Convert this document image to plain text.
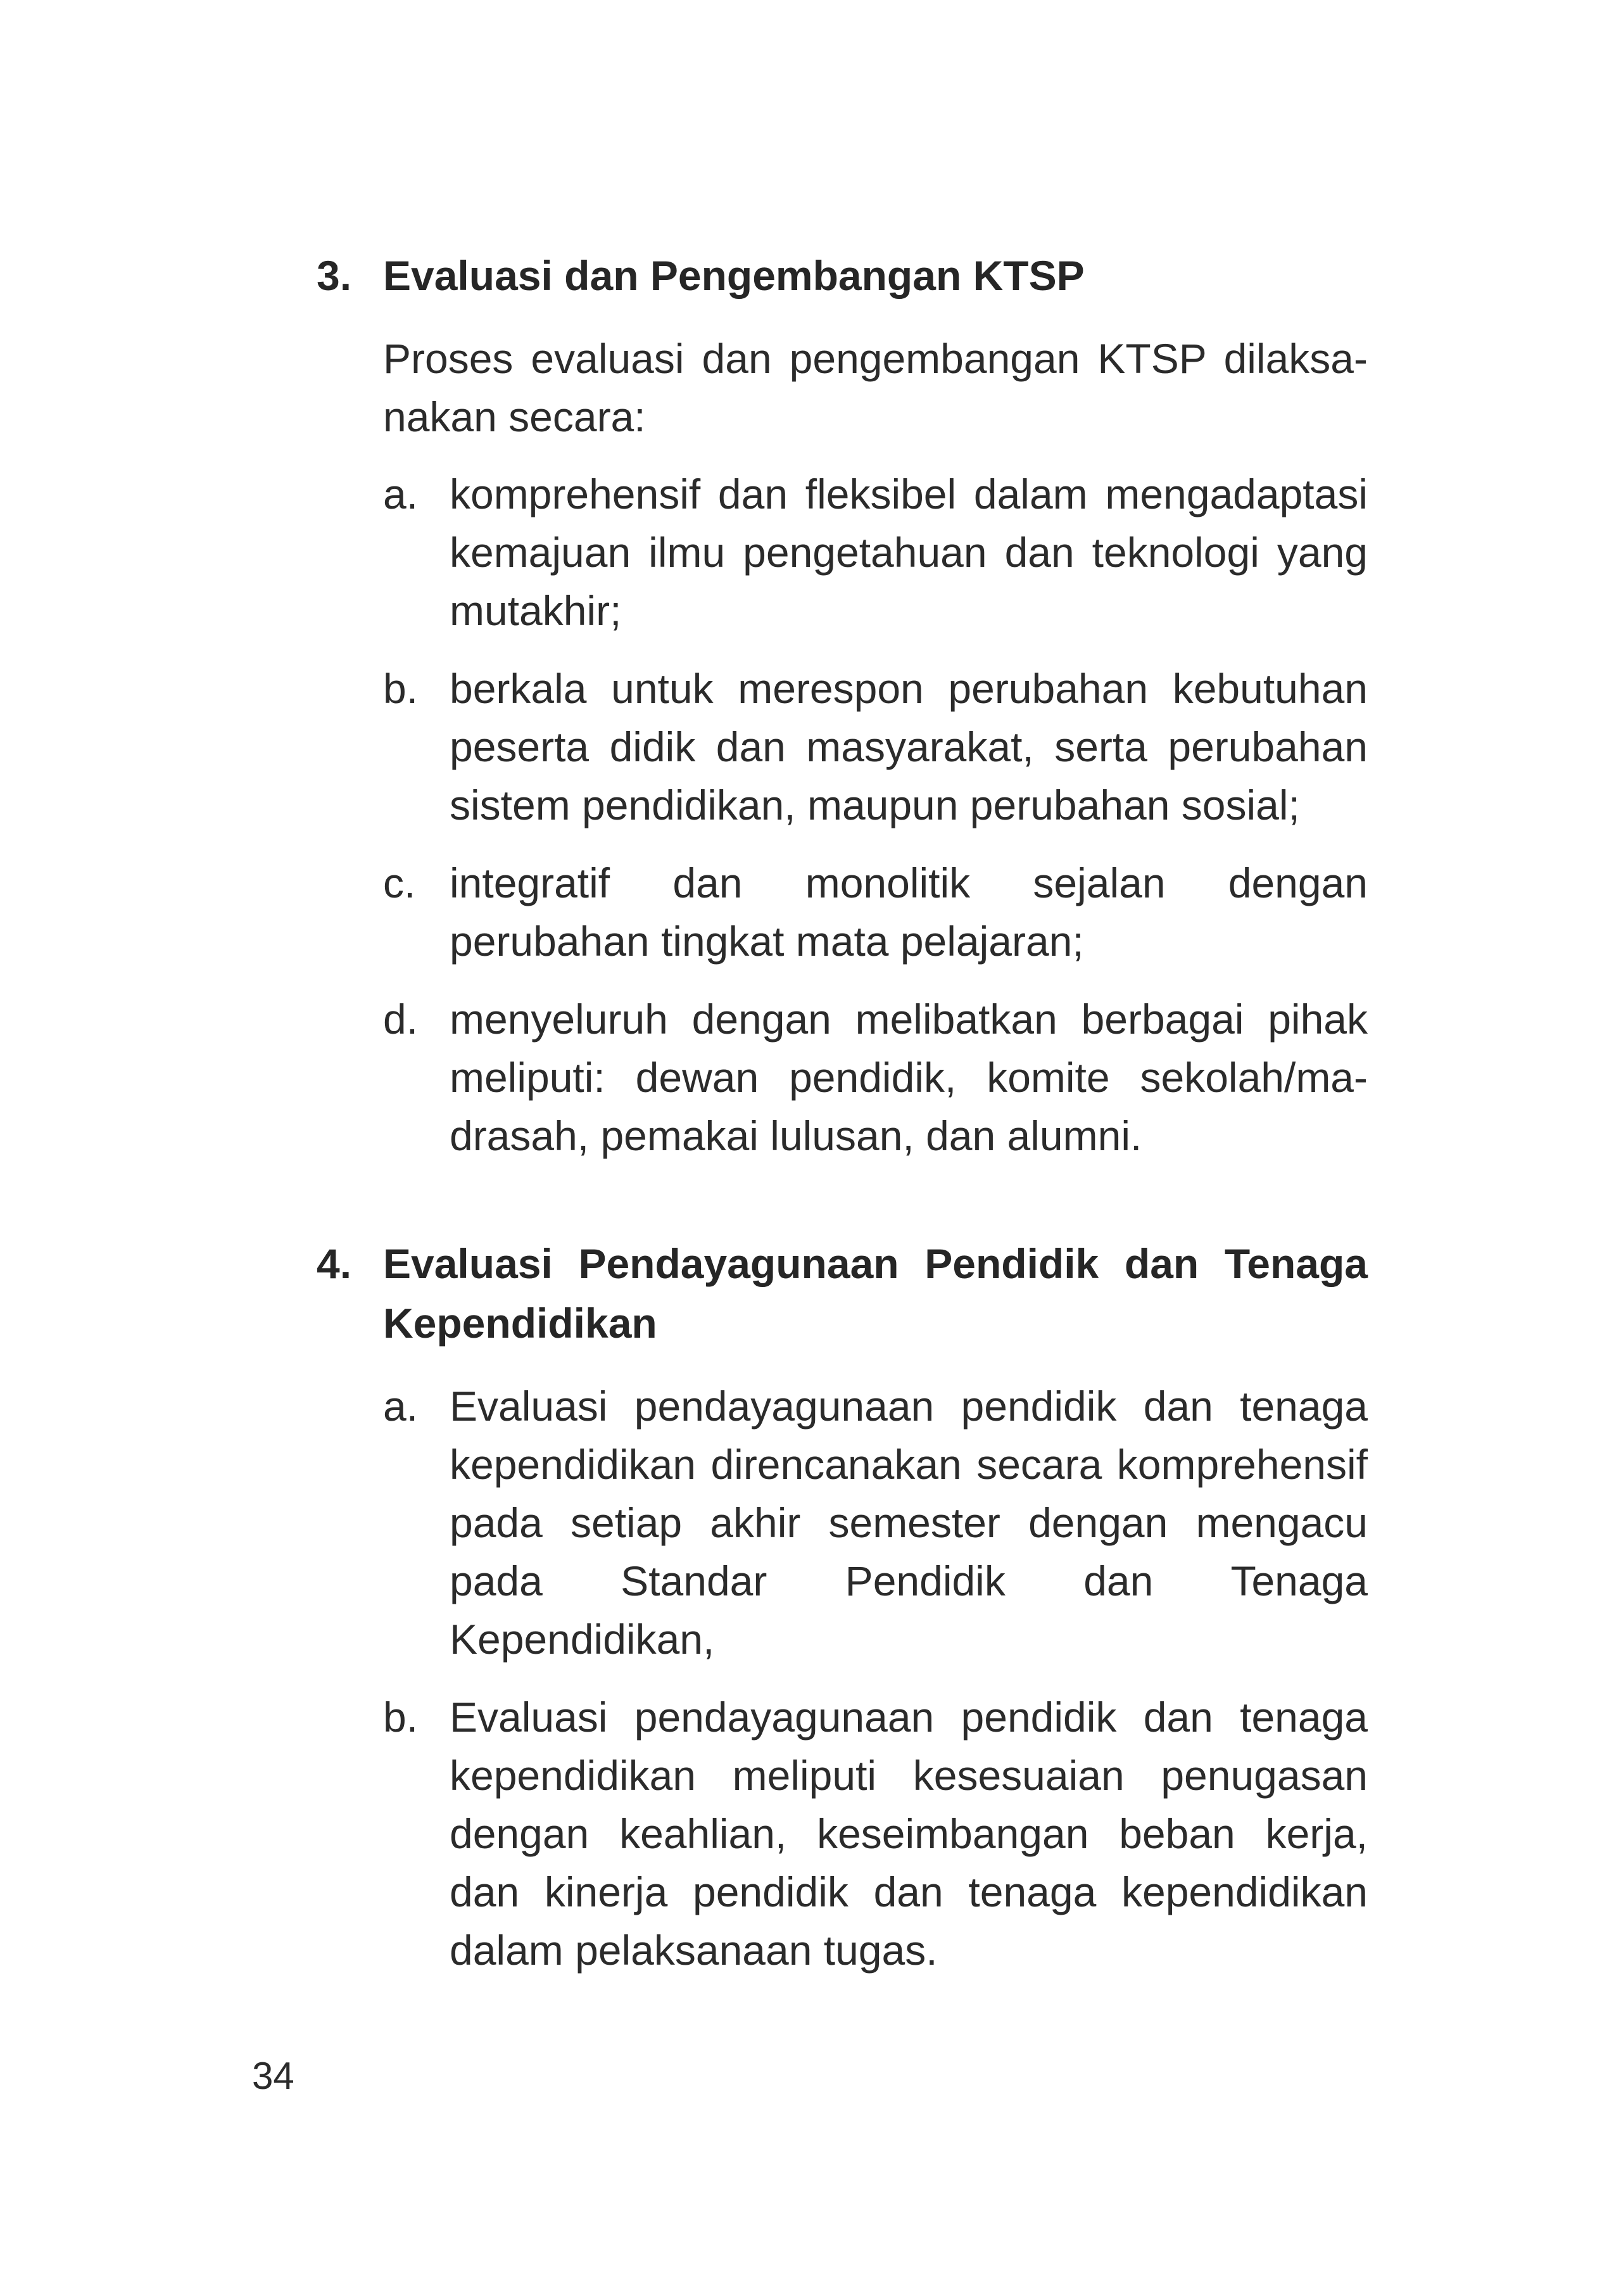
3. Evaluasi dan Pengembangan KTSP
Proses evaluasi dan pengembangan KTSP dilaksa-nakan secara:
a. komprehensif dan fleksibel dalam mengadaptasi kemajuan ilmu pengetahuan dan teknologi yang mutakhir;
b. berkala untuk merespon perubahan kebutuhan peserta didik dan masyarakat, serta perubahan sistem pendidikan, maupun perubahan sosial;
c. integratif dan monolitik sejalan dengan perubahan tingkat mata pelajaran;
d. menyeluruh dengan melibatkan berbagai pihak meliputi: dewan pendidik, komite sekolah/ma-drasah, pemakai lulusan, dan alumni.
4. Evaluasi Pendayagunaan Pendidik dan Tenaga Kependidikan
a. Evaluasi pendayagunaan pendidik dan tenaga kependidikan direncanakan secara komprehensif pada setiap akhir semester dengan mengacu pada Standar Pendidik dan Tenaga Kependidikan,
b. Evaluasi pendayagunaan pendidik dan tenaga kependidikan meliputi kesesuaian penugasan dengan keahlian, keseimbangan beban kerja, dan kinerja pendidik dan tenaga kependidikan dalam pelaksanaan tugas.
34
